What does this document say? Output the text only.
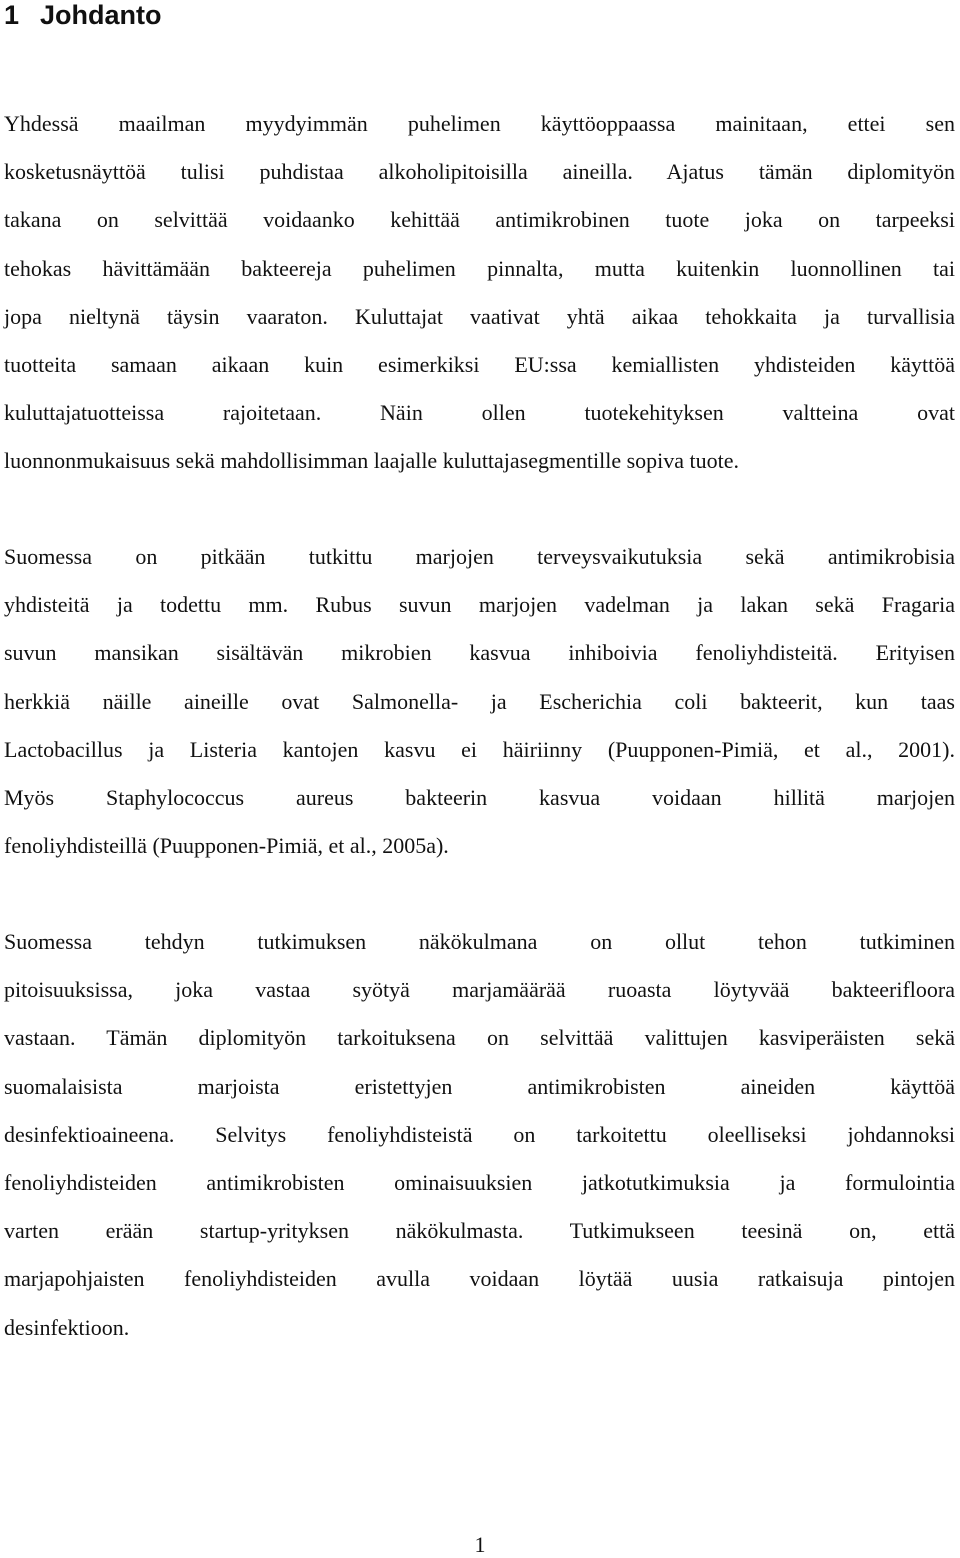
1 Johdanto
Yhdessä maailman myydyimmän puhelimen käyttöoppaassa mainitaan, ettei sen
kosketusnäyttöä tulisi puhdistaa alkoholipitoisilla aineilla. Ajatus tämän diplomityön
takana on selvittää voidaanko kehittää antimikrobinen tuote joka on tarpeeksi
tehokas hävittämään bakteereja puhelimen pinnalta, mutta kuitenkin luonnollinen tai
jopa nieltynä täysin vaaraton. Kuluttajat vaativat yhtä aikaa tehokkaita ja turvallisia
tuotteita samaan aikaan kuin esimerkiksi EU:ssa kemiallisten yhdisteiden käyttöä
kuluttajatuotteissa rajoitetaan. Näin ollen tuotekehityksen valtteina ovat
luonnonmukaisuus sekä mahdollisimman laajalle kuluttajasegmentille sopiva tuote.
Suomessa on pitkään tutkittu marjojen terveysvaikutuksia sekä antimikrobisia
yhdisteitä ja todettu mm. Rubus suvun marjojen vadelman ja lakan sekä Fragaria
suvun mansikan sisältävän mikrobien kasvua inhiboivia fenoliyhdisteitä. Erityisen
herkkiä näille aineille ovat Salmonella- ja Escherichia coli bakteerit, kun taas
Lactobacillus ja Listeria kantojen kasvu ei häiriinny (Puupponen-Pimiä, et al., 2001).
Myös Staphylococcus aureus bakteerin kasvua voidaan hillitä marjojen
fenoliyhdisteillä (Puupponen-Pimiä, et al., 2005a).
Suomessa tehdyn tutkimuksen näkökulmana on ollut tehon tutkiminen
pitoisuuksissa, joka vastaa syötyä marjamäärää ruoasta löytyvää bakteerifloora
vastaan. Tämän diplomityön tarkoituksena on selvittää valittujen kasviperäisten sekä
suomalaisista marjoista eristettyjen antimikrobisten aineiden käyttöä
desinfektioaineena. Selvitys fenoliyhdisteistä on tarkoitettu oleelliseksi johdannoksi
fenoliyhdisteiden antimikrobisten ominaisuuksien jatkotutkimuksia ja formulointia
varten erään startup-yrityksen näkökulmasta. Tutkimukseen teesinä on, että
marjapohjaisten fenoliyhdisteiden avulla voidaan löytää uusia ratkaisuja pintojen
desinfektioon.

1
